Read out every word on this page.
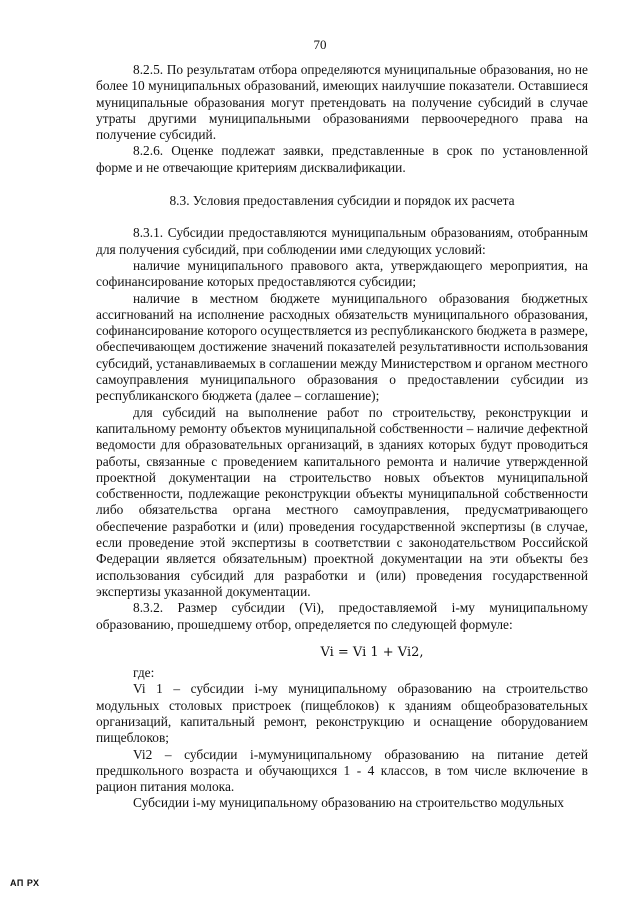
70

8.2.5. По результатам отбора определяются муниципальные образования, но не более 10 муниципальных образований, имеющих наилучшие показатели. Оставшиеся муниципальные образования могут претендовать на получение субсидий в случае утраты другими муниципальными образованиями первоочередного права на получение субсидий.

8.2.6. Оценке подлежат заявки, представленные в срок по установленной форме и не отвечающие критериям дисквалификации.

8.3. Условия предоставления субсидии и порядок их расчета

8.3.1. Субсидии предоставляются муниципальным образованиям, отобранным для получения субсидий, при соблюдении ими следующих условий:

наличие муниципального правового акта, утверждающего мероприятия, на софинансирование которых предоставляются субсидии;

наличие в местном бюджете муниципального образования бюджетных ассигнований на исполнение расходных обязательств муниципального образования, софинансирование которого осуществляется из республиканского бюджета в размере, обеспечивающем достижение значений показателей результативности использования субсидий, устанавливаемых в соглашении между Министерством и органом местного самоуправления муниципального образования о предоставлении субсидии из республиканского бюджета (далее – соглашение);

для субсидий на выполнение работ по строительству, реконструкции и капитальному ремонту объектов муниципальной собственности – наличие дефектной ведомости для образовательных организаций, в зданиях которых будут проводиться работы, связанные с проведением капитального ремонта и наличие утвержденной проектной документации на строительство новых объектов муниципальной собственности, подлежащие реконструкции объекты муниципальной собственности либо обязательства органа местного самоуправления, предусматривающего обеспечение разработки и (или) проведения государственной экспертизы (в случае, если проведение этой экспертизы в соответствии с законодательством Российской Федерации является обязательным) проектной документации на эти объекты без использования субсидий для разработки и (или) проведения государственной экспертизы указанной документации.

8.3.2. Размер субсидии (Vi), предоставляемой i-му муниципальному образованию, прошедшему отбор, определяется по следующей формуле:

Vi = Vi 1 + Vi2,

где:

Vi 1 – субсидии i-му муниципальному образованию на строительство модульных столовых пристроек (пищеблоков) к зданиям общеобразовательных организаций, капитальный ремонт, реконструкцию и оснащение оборудованием пищеблоков;

Vi2 – субсидии i-мумуниципальному образованию на питание детей предшкольного возраста и обучающихся 1 - 4 классов, в том числе включение в рацион питания молока.

Субсидии i-му муниципальному образованию на строительство модульных

АП РХ
